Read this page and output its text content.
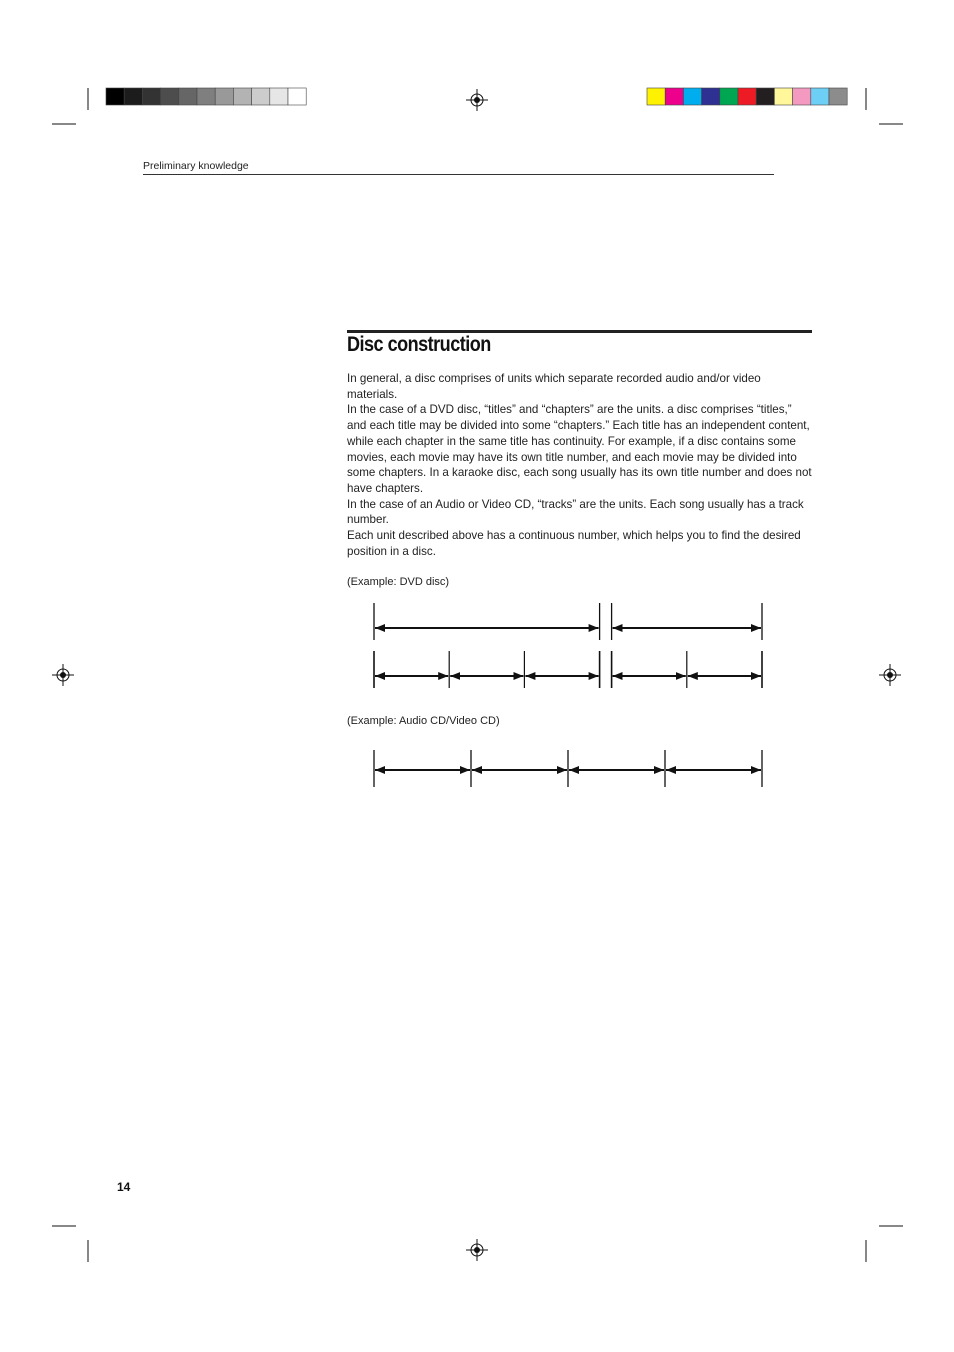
Preliminary knowledge
Disc construction

In general, a disc comprises of units which separate recorded audio and/or video materials.

In the case of a DVD disc, “titles” and “chapters” are the units. a disc comprises “titles,” and each title may be divided into some “chapters.” Each title has an independent content, while each chapter in the same title has continuity. For example, if a disc contains some movies, each movie may have its own title number, and each movie may be divided into some chapters. In a karaoke disc, each song usually has its own title number and does not have chapters.

In the case of an Audio or Video CD, “tracks” are the units. Each song usually has a track number.

Each unit described above has a continuous number, which helps you to find the desired position in a disc.

(Example: DVD disc)
(Example: Audio CD/Video CD)
14
